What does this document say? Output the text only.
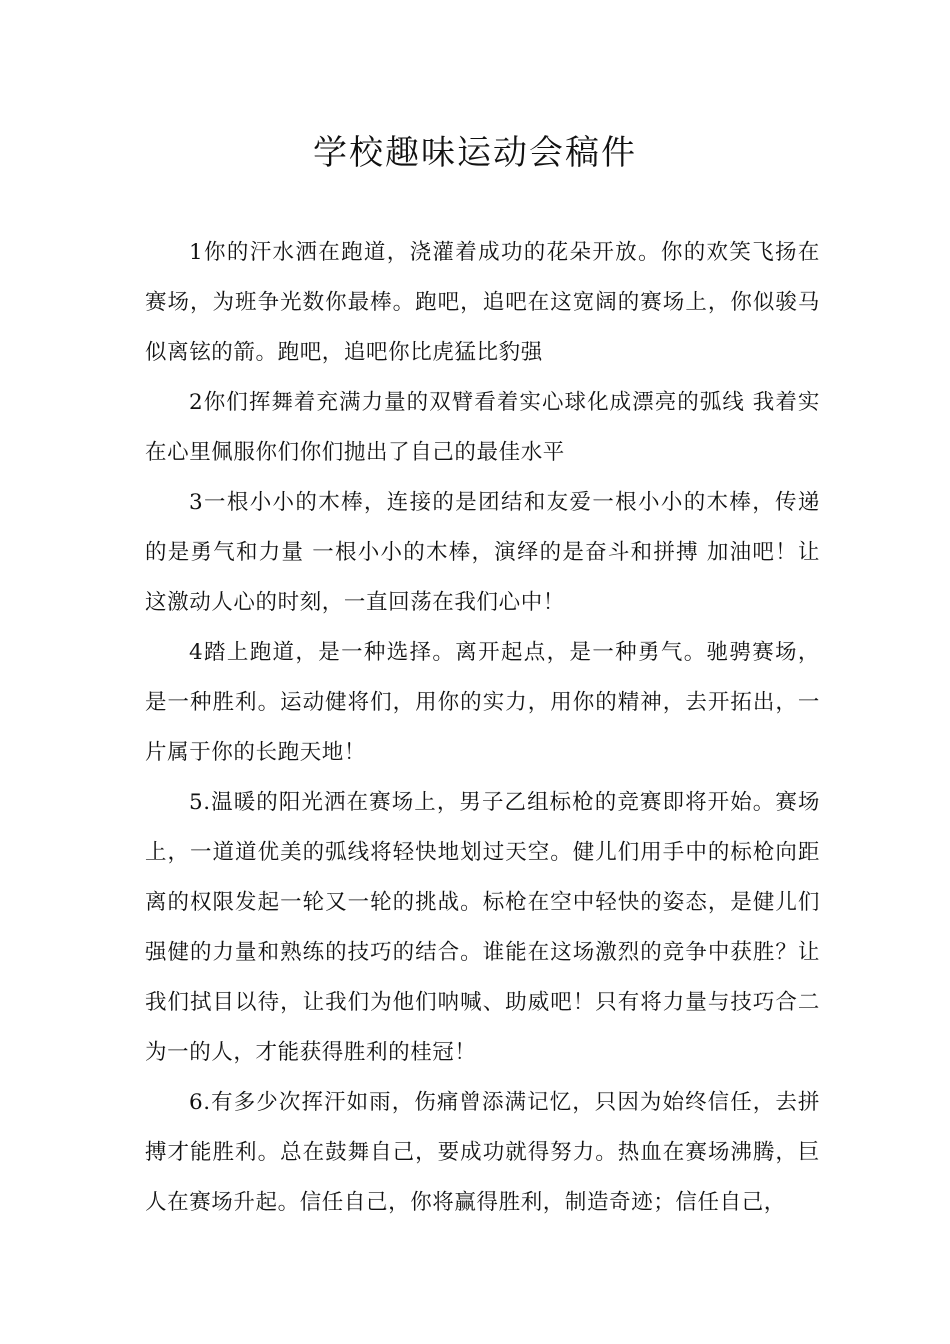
学校趣味运动会稿件

1你的汗水洒在跑道，浇灌着成功的花朵开放。你的欢笑飞扬在赛场，为班争光数你最棒。跑吧，追吧在这宽阔的赛场上，你似骏马似离铉的箭。跑吧，追吧你比虎猛比豹强

2你们挥舞着充满力量的双臂看着实心球化成漂亮的弧线 我着实在心里佩服你们你们抛出了自己的最佳水平

3一根小小的木棒，连接的是团结和友爱一根小小的木棒，传递的是勇气和力量 一根小小的木棒，演绎的是奋斗和拼搏 加油吧！让这激动人心的时刻，一直回荡在我们心中！

4踏上跑道，是一种选择。离开起点，是一种勇气。驰骋赛场，是一种胜利。运动健将们，用你的实力，用你的精神，去开拓出，一片属于你的长跑天地！

5.温暖的阳光洒在赛场上，男子乙组标枪的竞赛即将开始。赛场上，一道道优美的弧线将轻快地划过天空。健儿们用手中的标枪向距离的权限发起一轮又一轮的挑战。标枪在空中轻快的姿态，是健儿们强健的力量和熟练的技巧的结合。谁能在这场激烈的竞争中获胜？让我们拭目以待，让我们为他们呐喊、助威吧！只有将力量与技巧合二为一的人，才能获得胜利的桂冠！

6.有多少次挥汗如雨，伤痛曾添满记忆，只因为始终信任，去拼搏才能胜利。总在鼓舞自己，要成功就得努力。热血在赛场沸腾，巨人在赛场升起。信任自己，你将赢得胜利，制造奇迹；信任自己，
